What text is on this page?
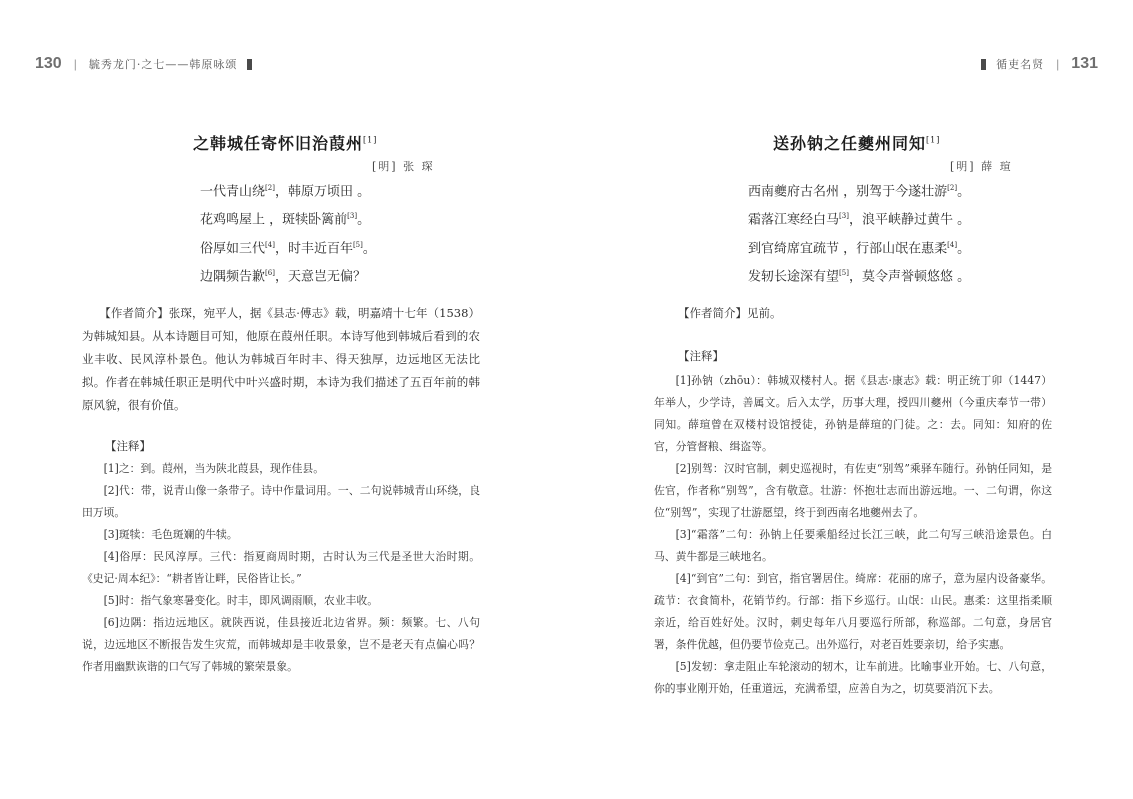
130 | 毓秀龙门·之七——韩原咏颂
之韩城任寄怀旧治葭州[1]
[明] 张 琛
一代青山绕[2]，韩原万顷田 。
花鸡鸣屋上 ，斑犊卧篱前[3]。
俗厚如三代[4]，时丰近百年[5]。
边隅频告歉[6]，天意岂无偏？
【作者简介】张琛，宛平人，据《县志·傅志》载，明嘉靖十七年（1538）为韩城知县。从本诗题目可知，他原在葭州任职。本诗写他到韩城后看到的农业丰收、民风淳朴景色。他认为韩城百年时丰、得天独厚，边远地区无法比拟。作者在韩城任职正是明代中叶兴盛时期，本诗为我们描述了五百年前的韩原风貌，很有价值。
【注释】

[1]之：到。葭州，当为陕北葭县，现作佳县。

[2]代：带，说青山像一条带子。诗中作量词用。一、二句说韩城青山环绕，良田万顷。

[3]斑犊：毛色斑斓的牛犊。

[4]俗厚：民风淳厚。三代：指夏商周时期，古时认为三代是圣世大治时期。《史记·周本纪》：“耕者皆让畔，民俗皆让长。”

[5]时：指气象寒暑变化。时丰，即风调雨顺，农业丰收。

[6]边隅：指边远地区。就陕西说，佳县接近北边省界。频：频繁。七、八句说，边远地区不断报告发生灾荒，而韩城却是丰收景象，岂不是老天有点偏心吗？作者用幽默诙谐的口气写了韩城的繁荣景象。

循吏名贤 | 131
送孙钠之任夔州同知[1]
[明] 薛 瑄
西南夔府古名州 ，别驾于今遂壮游[2]。
霜落江寒经白马[3]，浪平峡静过黄牛 。
到官绮席宜疏节 ，行部山氓在惠柔[4]。
发轫长途深有望[5]，莫令声誉顿悠悠 。
【作者简介】见前。
【注释】

[1]孙钠（zhōu）：韩城双楼村人。据《县志·康志》载：明正统丁卯（1447）年举人，少学诗，善属文。后入太学，历事大理，授四川夔州（今重庆奉节一带）同知。薛瑄曾在双楼村设馆授徒，孙钠是薛瑄的门徒。之：去。同知：知府的佐官，分管督粮、缉盗等。

[2]别驾：汉时官制，刺史巡视时，有佐吏“别驾”乘驿车随行。孙钠任同知，是佐官，作者称“别驾”，含有敬意。壮游：怀抱壮志而出游远地。一、二句谓，你这位“别驾”，实现了壮游愿望，终于到西南名地夔州去了。

[3]“霜落”二句：孙钠上任要乘船经过长江三峡，此二句写三峡沿途景色。白马、黄牛都是三峡地名。

[4]“到官”二句：到官，指官署居住。绮席：花丽的席子，意为屋内设备豪华。疏节：衣食简朴，花销节约。行部：指下乡巡行。山氓：山民。惠柔：这里指柔顺亲近，给百姓好处。汉时，刺史每年八月要巡行所部，称巡部。二句意，身居官署，条件优越，但仍要节俭克己。出外巡行，对老百姓要亲切，给予实惠。

[5]发轫：拿走阻止车轮滚动的轫木，让车前进。比喻事业开始。七、八句意，你的事业刚开始，任重道远，充满希望，应善自为之，切莫要消沉下去。
